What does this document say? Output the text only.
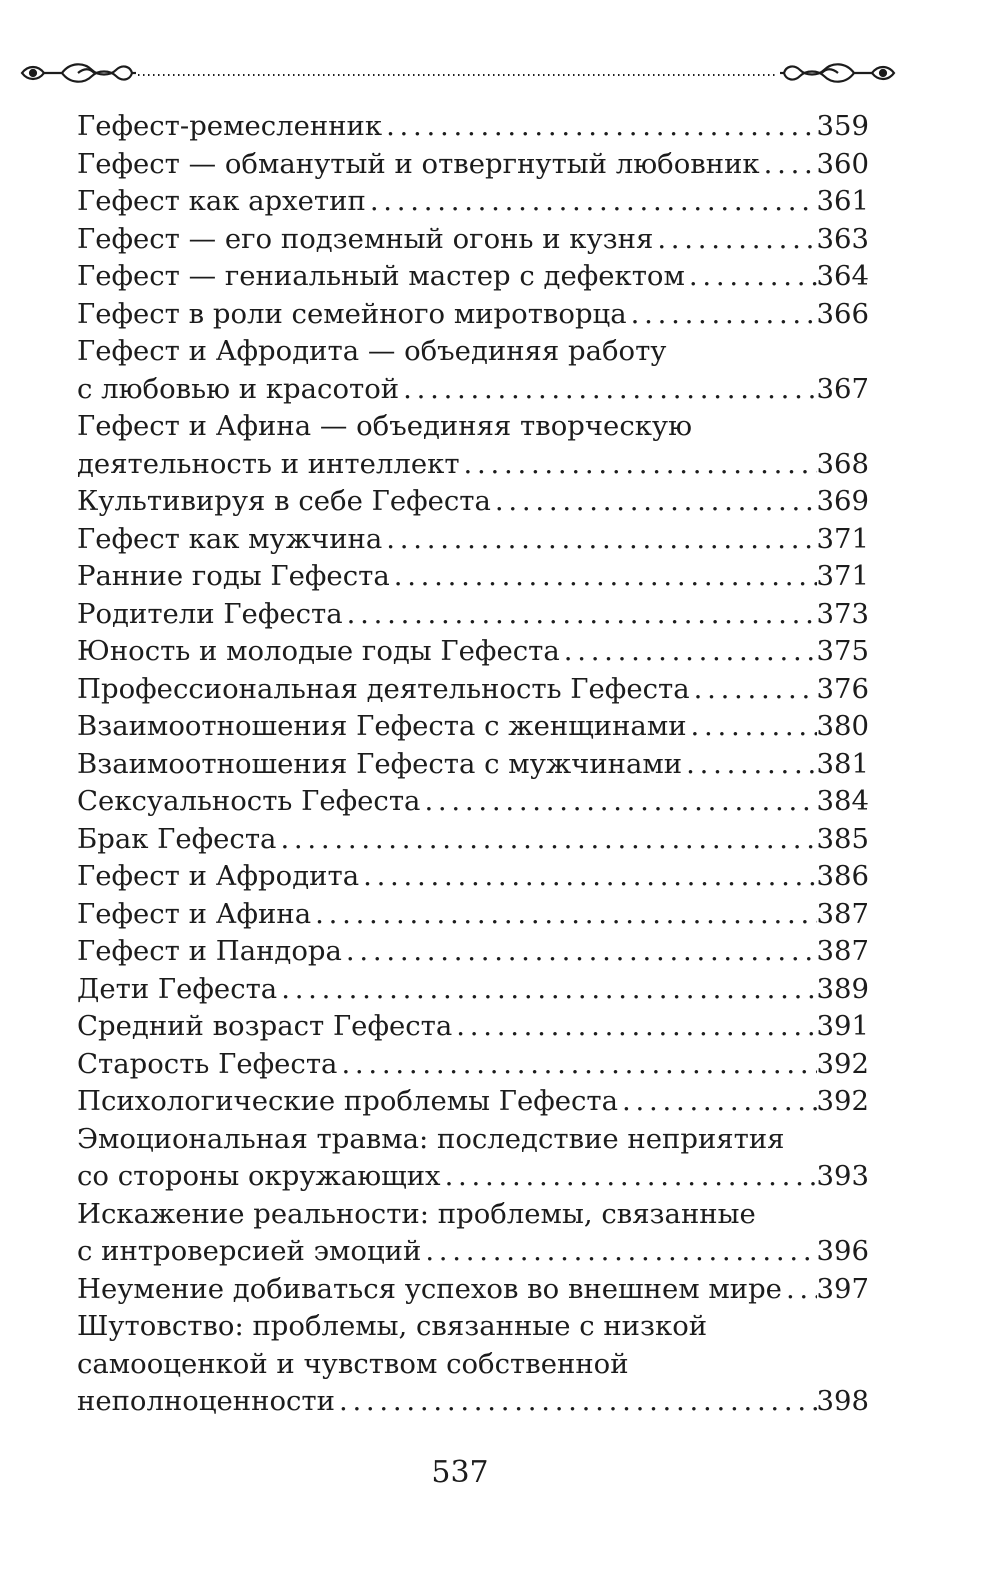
Гефест-ремесленник . . .	359
Гефест — обманутый и отвергнутый любовник . . . 360
Гефест как архетип . . .	361
Гефест — его подземный огонь и кузня . . .	363
Гефест — гениальный мастер с дефектом . . .	364
Гефест в роли семейного миротворца . . .	366
Гефест и Афродита — объединяя работу
с любовью и красотой . . .	367
Гефест и Афина — объединяя творческую
деятельность и интеллект . . .	368
Культивируя в себе Гефеста . . .	369
Гефест как мужчина . . .	371
Ранние годы Гефеста . . .	371
Родители Гефеста . . .	373
Юность и молодые годы Гефеста . . .	375
Профессиональная деятельность Гефеста . . .	376
Взаимоотношения Гефеста с женщинами . . .	380
Взаимоотношения Гефеста с мужчинами . . .	381
Сексуальность Гефеста . . .	384
Брак Гефеста . . .	385
Гефест и Афродита . . .	386
Гефест и Афина . . .	387
Гефест и Пандора . . .	387
Дети Гефеста . . .	389
Средний возраст Гефеста . . .	391
Старость Гефеста . . .	392
Психологические проблемы Гефеста . . .	392
Эмоциональная травма: последствие неприятия
со стороны окружающих . . .	393
Искажение реальности: проблемы, связанные
с интроверсией эмоций . . .	396
Неумение добиваться успехов во внешнем мире . . . 397
Шутовство: проблемы, связанные с низкой
самооценкой и чувством собственной
неполноценности . . .	398
537
